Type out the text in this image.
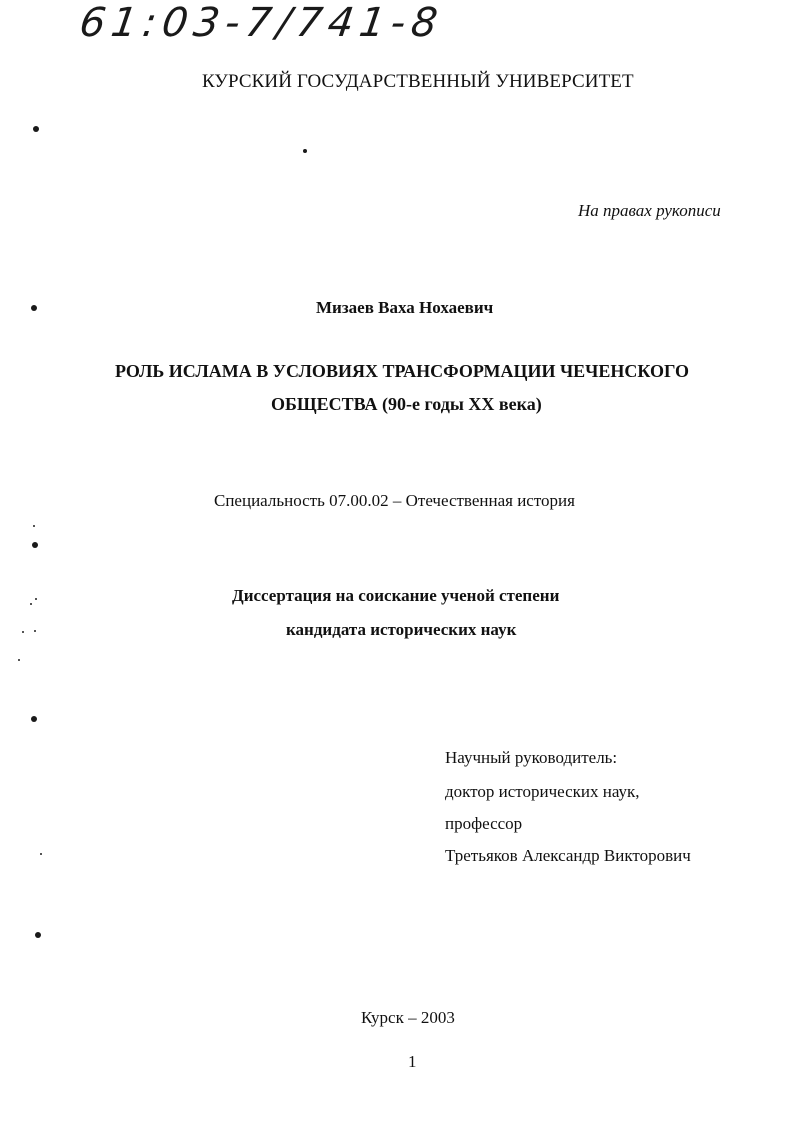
61:03-7/741-8
КУРСКИЙ ГОСУДАРСТВЕННЫЙ УНИВЕРСИТЕТ
На правах рукописи
Мизаев Ваха Нохаевич
РОЛЬ ИСЛАМА В УСЛОВИЯХ ТРАНСФОРМАЦИИ ЧЕЧЕНСКОГО
ОБЩЕСТВА (90-е годы XX века)
Специальность 07.00.02 – Отечественная история
Диссертация на соискание ученой степени
кандидата исторических наук
Научный руководитель:
доктор исторических наук,
профессор
Третьяков Александр Викторович
Курск – 2003
1
